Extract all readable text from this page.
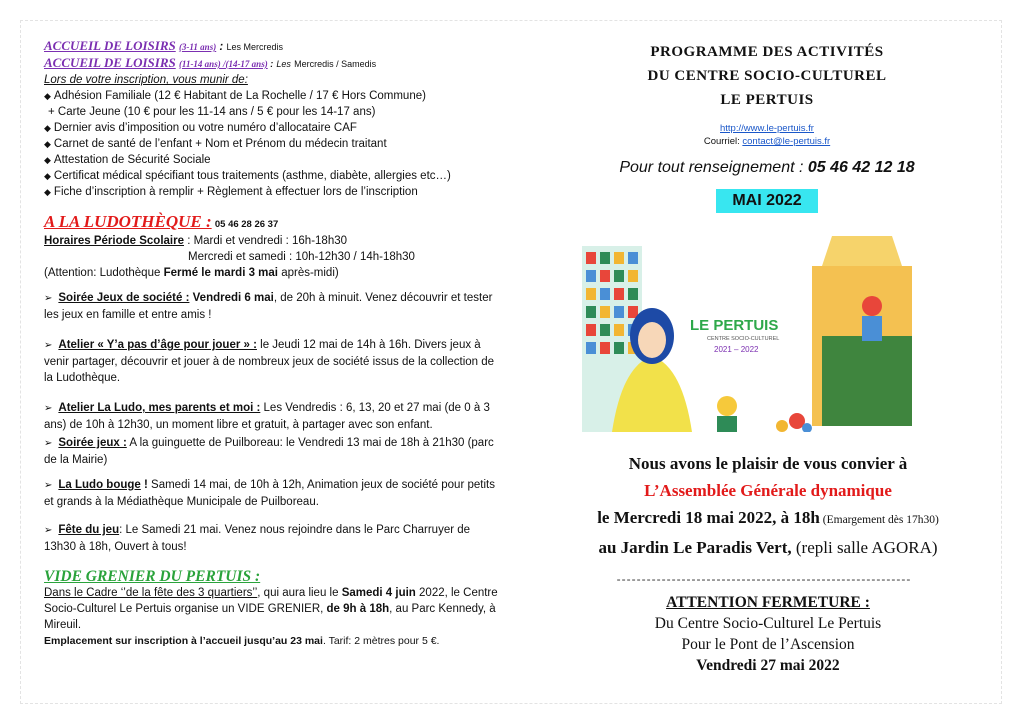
ACCUEIL DE LOISIRS (3-11 ans) : Les Mercredis
ACCUEIL DE LOISIRS (11-14 ans) /(14-17 ans) : Les Mercredis / Samedis
Lors de votre inscription, vous munir de:

◆ Adhésion Familiale (12 € Habitant de La Rochelle / 17 € Hors Commune)

+ Carte Jeune (10 € pour les 11-14 ans / 5 € pour les 14-17 ans)

◆ Dernier avis d’imposition ou votre numéro d’allocataire CAF

◆ Carnet de santé de l’enfant + Nom et Prénom du médecin traitant

◆ Attestation de Sécurité Sociale

◆ Certificat médical spécifiant tous traitements (asthme, diabète, allergies etc…)

◆ Fiche d’inscription à remplir + Règlement à effectuer lors de l’inscription

A LA LUDOTHÈQUE : 05 46 28 26 37
Horaires Période Scolaire : Mardi et vendredi : 16h-18h30
Mercredi et samedi : 10h-12h30 / 14h-18h30
(Attention: Ludothèque Fermé le mardi 3 mai après-midi)
➢ Soirée Jeux de société : Vendredi 6 mai, de 20h à minuit. Venez découvrir et tester les jeux en famille et entre amis !
➢ Atelier « Y’a pas d’âge pour jouer » : le Jeudi 12 mai de 14h à 16h. Divers jeux à venir partager, découvrir et jouer à de nombreux jeux de société issus de la collection de la Ludothèque.
➢ Atelier La Ludo, mes parents et moi : Les Vendredis : 6, 13, 20 et 27 mai (de 0 à 3 ans) de 10h à 12h30, un moment libre et gratuit, à partager avec son enfant.
➢ Soirée jeux : A la guinguette de Puilboreau: le Vendredi 13 mai de 18h à 21h30 (parc de la Mairie)
➢ La Ludo bouge ! Samedi 14 mai, de 10h à 12h, Animation jeux de société pour petits et grands à la Médiathèque Municipale de Puilboreau.
➢ Fête du jeu: Le Samedi 21 mai. Venez nous rejoindre dans le Parc Charruyer de 13h30 à 18h, Ouvert à tous!
VIDE GRENIER DU PERTUIS :
Dans le Cadre ‘’de la fête des 3 quartiers’’, qui aura lieu le Samedi 4 juin 2022, le Centre Socio-Culturel Le Pertuis organise un VIDE GRENIER, de 9h à 18h, au Parc Kennedy, à Mireuil.
Emplacement sur inscription à l’accueil jusqu’au 23 mai. Tarif: 2 mètres pour 5 €.
PROGRAMME DES ACTIVITÉS
DU CENTRE SOCIO-CULTUREL
LE PERTUIS
http://www.le-pertuis.fr
Courriel: contact@le-pertuis.fr
Pour tout renseignement : 05 46 42 12 18
MAI 2022
LE PERTUIS
CENTRE SOCIO-CULTUREL
2021 – 2022
Nous avons le plaisir de vous convier à
L’Assemblée Générale dynamique
le Mercredi 18 mai 2022, à 18h (Emargement dès 17h30)
au Jardin Le Paradis Vert, (repli salle AGORA)
-----------------------------------------------------------
ATTENTION FERMETURE :
Du Centre Socio-Culturel Le Pertuis
Pour le Pont de l’Ascension
Vendredi 27 mai 2022
